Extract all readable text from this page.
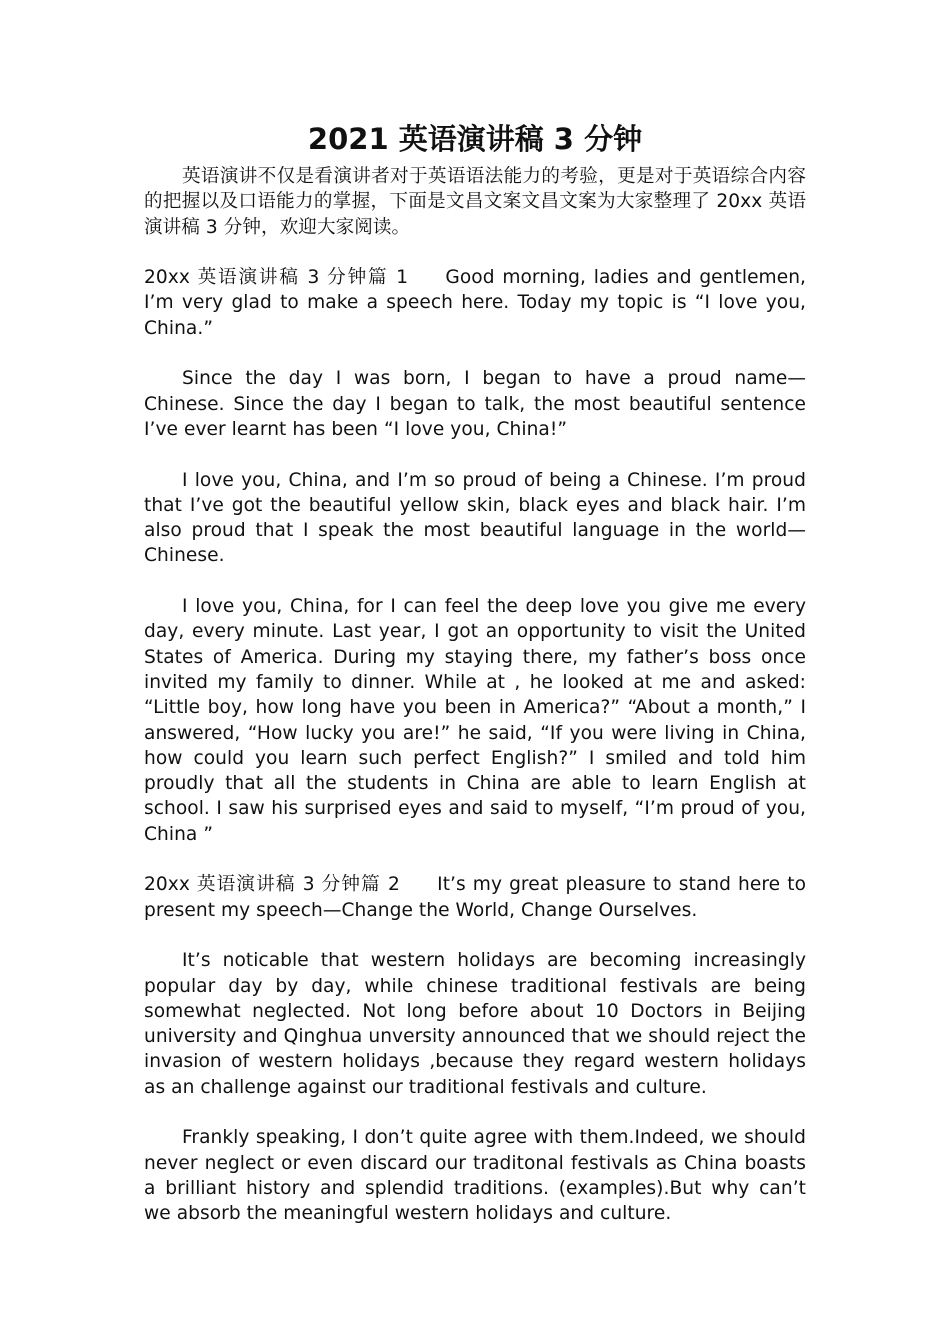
2021 英语演讲稿 3 分钟

英语演讲不仅是看演讲者对于英语语法能力的考验，更是对于英语综合内容的把握以及口语能力的掌握，下面是文昌文案文昌文案为大家整理了 20xx 英语演讲稿 3 分钟，欢迎大家阅读。

20xx 英语演讲稿 3 分钟篇 1   Good morning, ladies and gentlemen, I’m very glad to make a speech here. Today my topic is “I love you, China.”

Since the day I was born, I began to have a proud name—Chinese. Since the day I began to talk, the most beautiful sentence I’ve ever learnt has been “I love you, China!”

I love you, China, and I’m so proud of being a Chinese. I’m proud that I’ve got the beautiful yellow skin, black eyes and black hair. I’m also proud that I speak the most beautiful language in the world—Chinese.

I love you, China, for I can feel the deep love you give me every day, every minute. Last year, I got an opportunity to visit the United States of America. During my staying there, my father’s boss once invited my family to dinner. While at , he looked at me and asked: “Little boy, how long have you been in America?” “About a month,” I answered, “How lucky you are!” he said, “If you were living in China, how could you learn such perfect English?” I smiled and told him proudly that all the students in China are able to learn English at school. I saw his surprised eyes and said to myself, “I’m proud of you, China ”

20xx 英语演讲稿 3 分钟篇 2   It’s my great pleasure to stand here to present my speech—Change the World, Change Ourselves.

It’s noticable that western holidays are becoming increasingly popular day by day, while chinese traditional festivals are being somewhat neglected. Not long before about 10 Doctors in Beijing university and Qinghua unversity announced that we should reject the invasion of western holidays ,because they regard western holidays as an challenge against our traditional festivals and culture.

Frankly speaking, I don’t quite agree with them.Indeed, we should never neglect or even discard our traditonal festivals as China boasts a brilliant history and splendid traditions. (examples).But why can’t we absorb the meaningful western holidays and culture.
